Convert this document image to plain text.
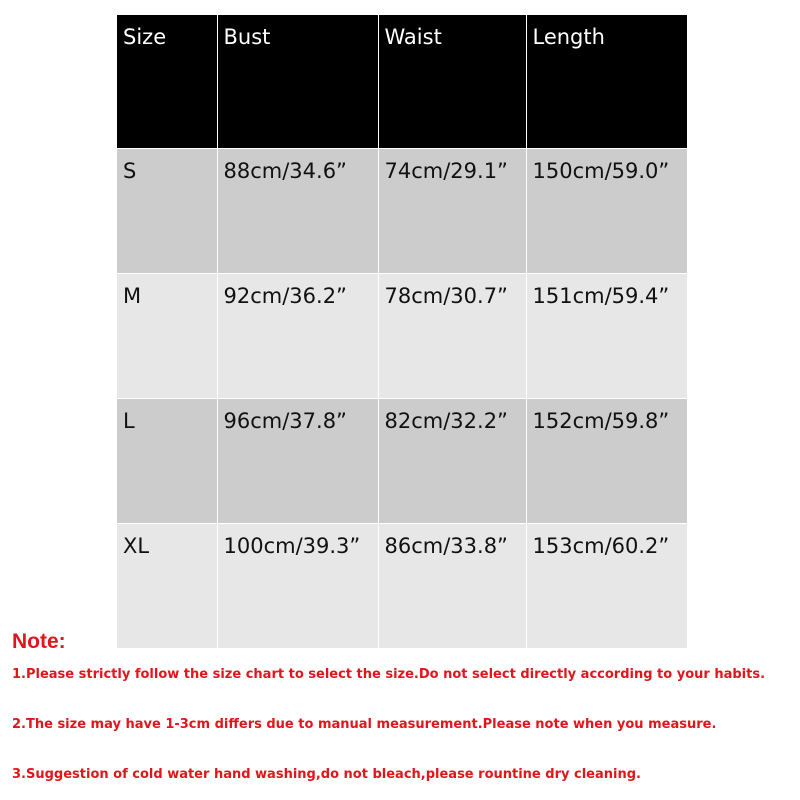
Size	Bust	Waist	Length
S	88cm/34.6”	74cm/29.1”	150cm/59.0”
M	92cm/36.2”	78cm/30.7”	151cm/59.4”
L	96cm/37.8”	82cm/32.2”	152cm/59.8”
XL	100cm/39.3”	86cm/33.8”	153cm/60.2”

Note:

1.Please strictly follow the size chart to select the size.Do not select directly according to your habits.

2.The size may have 1-3cm differs due to manual measurement.Please note when you measure.

3.Suggestion of cold water hand washing,do not bleach,please rountine dry cleaning.
